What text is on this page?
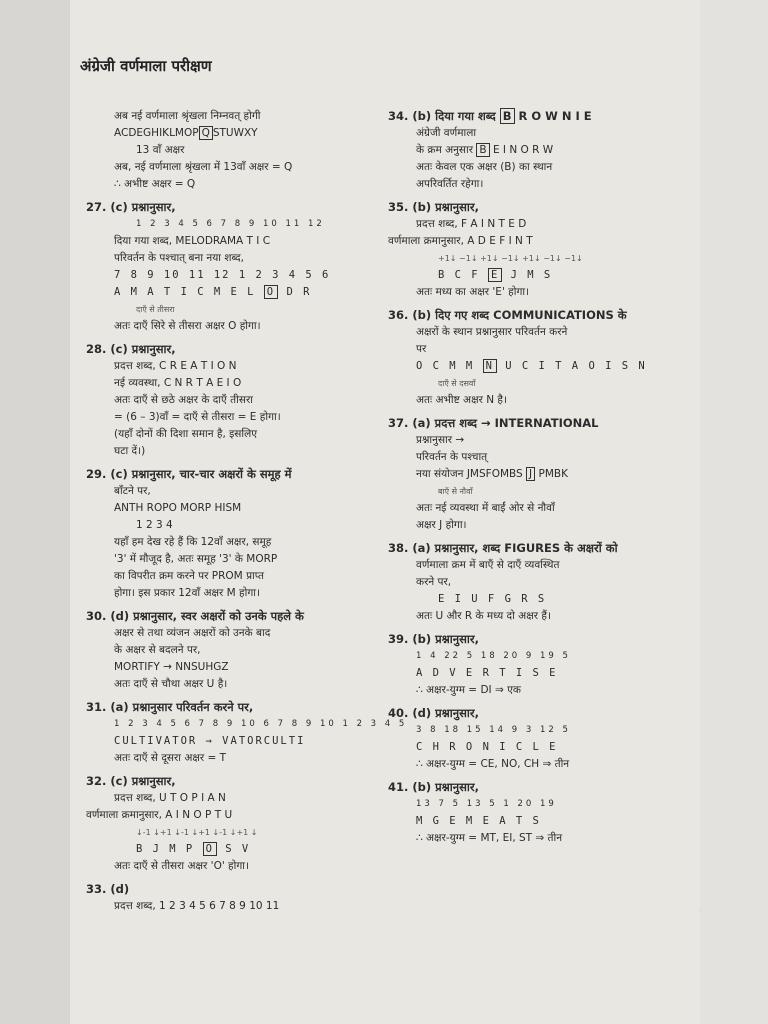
अंग्रेजी वर्णमाला परीक्षण
अब नई वर्णमाला श्रृंखला निम्नवत् होगी
ACDEGHIKLMOP Q STUWXY
13 वाँ अक्षर
अब, नई वर्णमाला श्रृंखला में 13वाँ अक्षर = Q
∴ अभीष्ट अक्षर = Q
27. (c) प्रश्नानुसार,
1 2 3 4 5 6 7 8 9 10 11 12
दिया गया शब्द, MELODRAMA T I C
परिवर्तन के पश्चात् बना नया शब्द,
7 8 9 10 11 12 1 2 3 4 5 6
A M A T I C M E L O D R
दाएँ से तीसरा
अतः दाएँ सिरे से तीसरा अक्षर O होगा।
28. (c) प्रश्नानुसार,
प्रदत्त शब्द, C R E A T I O N
नई व्यवस्था, C N R T A E I O
अतः दाएँ से छठे अक्षर के दाएँ तीसरा
= (6 – 3)वाँ = दाएँ से तीसरा = E होगा।
(यहाँ दोनों की दिशा समान है, इसलिए
घटा दें।)
29. (c) प्रश्नानुसार, चार-चार अक्षरों के समूह में
बाँटने पर,
ANTH ROPO MORP HISM
1 2 3 4
यहाँ हम देख रहे हैं कि 12वाँ अक्षर, समूह
'3' में मौजूद है, अतः समूह '3' के MORP
का विपरीत क्रम करने पर PROM प्राप्त
होगा। इस प्रकार 12वाँ अक्षर M होगा।
30. (d) प्रश्नानुसार, स्वर अक्षरों को उनके पहले के
अक्षर से तथा व्यंजन अक्षरों को उनके बाद
के अक्षर से बदलने पर,
MORTIFY → NNSUHGZ
अतः दाएँ से चौथा अक्षर U है।
31. (a) प्रश्नानुसार परिवर्तन करने पर,
1 2 3 4 5 6 7 8 9 10 6 7 8 9 10 1 2 3 4 5
CULTIVATOR → VATORCULTI
अतः दाएँ से दूसरा अक्षर = T
32. (c) प्रश्नानुसार,
प्रदत्त शब्द, U T O P I A N
वर्णमाला क्रमानुसार, A I N O P T U
↓-1 ↓+1 ↓-1 ↓+1 ↓-1 ↓+1 ↓
B J M P O S V
अतः दाएँ से तीसरा अक्षर 'O' होगा।
33. (d)
प्रदत्त शब्द, 1 2 3 4 5 6 7 8 9 10 11
34. (b) दिया गया शब्द B R O W N I E
अंग्रेजी वर्णमाला
के क्रम अनुसार B E I N O R W
अतः केवल एक अक्षर (B) का स्थान
अपरिवर्तित रहेगा।
35. (b) प्रश्नानुसार,
प्रदत्त शब्द, F A I N T E D
वर्णमाला क्रमानुसार, A D E F I N T
+1↓ −1↓ +1↓ −1↓ +1↓ −1↓ −1↓
B C F E J M S
अतः मध्य का अक्षर 'E' होगा।
36. (b) दिए गए शब्द COMMUNICATIONS के
अक्षरों के स्थान प्रश्नानुसार परिवर्तन करने
पर
O C M M N U C I T A O I S N
दाएँ से दसवाँ
अतः अभीष्ट अक्षर N है।
37. (a) प्रदत्त शब्द → INTERNATIONAL
प्रश्नानुसार →
परिवर्तन के पश्चात्
नया संयोजन JMSFOMBS J PMBK
बाएँ से नौवाँ
अतः नई व्यवस्था में बाईं ओर से नौवाँ
अक्षर J होगा।
38. (a) प्रश्नानुसार, शब्द FIGURES के अक्षरों को
वर्णमाला क्रम में बाएँ से दाएँ व्यवस्थित
करने पर,
E I U F G R S
अतः U और R के मध्य दो अक्षर हैं।
39. (b) प्रश्नानुसार,
1 4 22 5 18 20 9 19 5
A D V E R T I S E
∴ अक्षर-युग्म = DI ⇒ एक
40. (d) प्रश्नानुसार,
3 8 18 15 14 9 3 12 5
C H R O N I C L E
∴ अक्षर-युग्म = CE, NO, CH ⇒ तीन
41. (b) प्रश्नानुसार,
13 7 5 13 5 1 20 19
M G E M E A T S
∴ अक्षर-युग्म = MT, EI, ST ⇒ तीन
